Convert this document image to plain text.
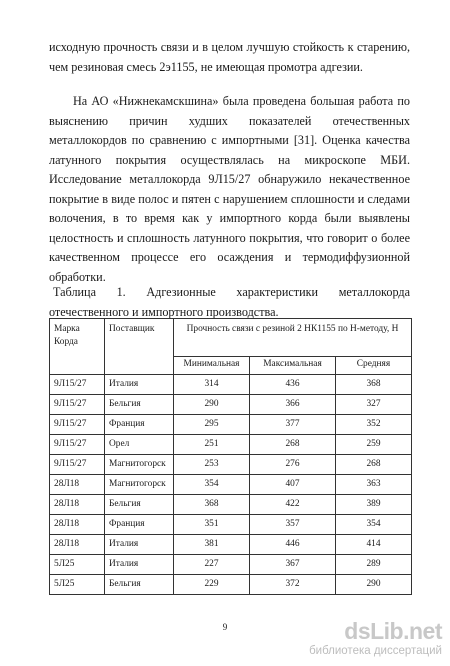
исходную прочность связи и в целом лучшую стойкость к старению, чем резиновая смесь 2э1155, не имеющая промотра адгезии.

На АО «Нижнекамскшина» была проведена большая работа по выяснению причин худших показателей отечественных металлокордов по сравнению с импортными [31]. Оценка качества латунного покрытия осуществлялась на микроскопе МБИ. Исследование металлокорда 9Л15/27 обнаружило некачественное покрытие в виде полос и пятен с нарушением сплошности и следами волочения, в то время как у импортного корда были выявлены целостность и сплошность латунного покрытия, что говорит о более качественном процессе его осаждения и термодиффузионной обработки.

Таблица 1. Адгезионные характеристики металлокорда отечественного и импортного производства.

Марка Корда	Поставщик	Прочность связи с резиной 2 НК1155 по Н-методу, Н		
		Минимальная	Максимальная	Средняя
9Л15/27	Италия	314	436	368
9Л15/27	Бельгия	290	366	327
9Л15/27	Франция	295	377	352
9Л15/27	Орел	251	268	259
9Л15/27	Магнитогорск	253	276	268
28Л18	Магнитогорск	354	407	363
28Л18	Бельгия	368	422	389
28Л18	Франция	351	357	354
28Л18	Италия	381	446	414
5Л25	Италия	227	367	289
5Л25	Бельгия	229	372	290
9	dsLib.net
библиотека диссертаций
